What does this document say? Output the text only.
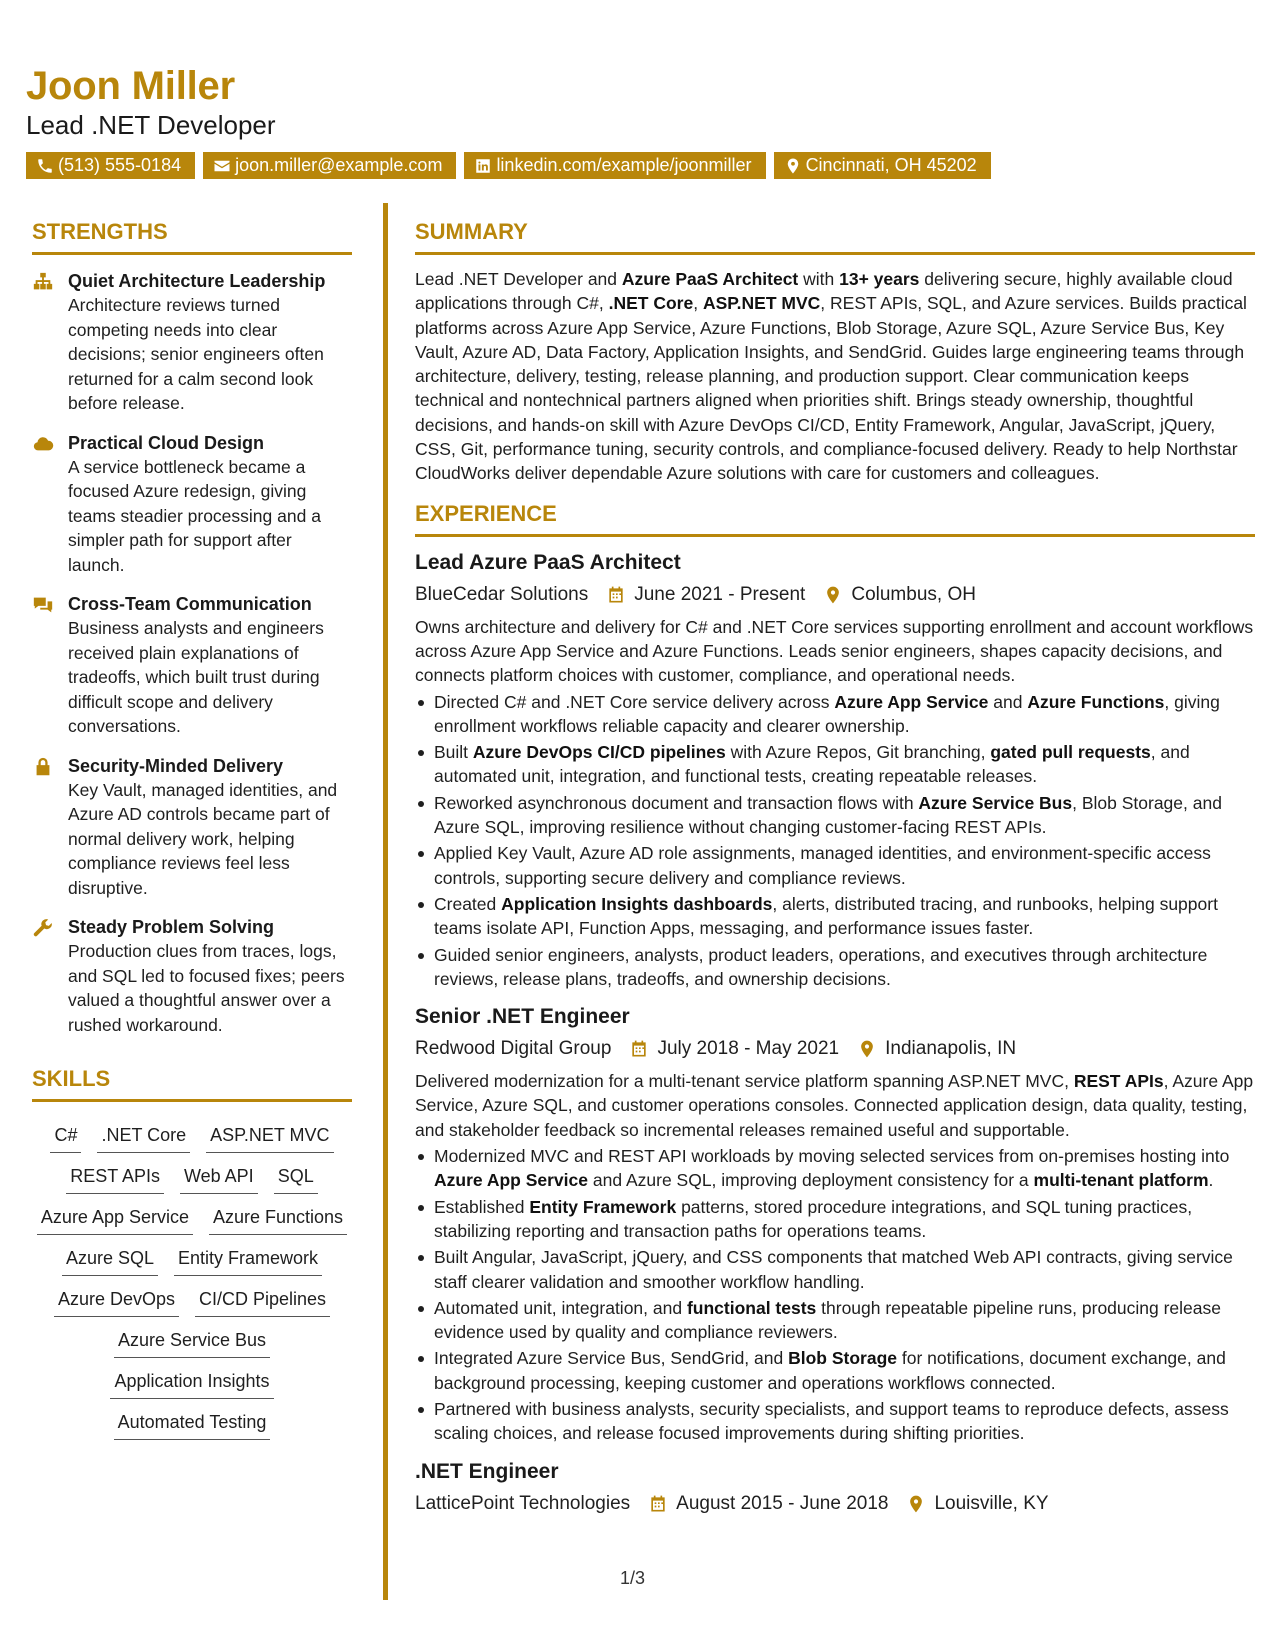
Joon Miller
Lead .NET Developer
(513) 555-0184	joon.miller@example.com	linkedin.com/example/joonmiller	Cincinnati, OH 45202
STRENGTHS
Quiet Architecture Leadership
Architecture reviews turned competing needs into clear decisions; senior engineers often returned for a calm second look before release.
Practical Cloud Design
A service bottleneck became a focused Azure redesign, giving teams steadier processing and a simpler path for support after launch.
Cross-Team Communication
Business analysts and engineers received plain explanations of tradeoffs, which built trust during difficult scope and delivery conversations.
Security-Minded Delivery
Key Vault, managed identities, and Azure AD controls became part of normal delivery work, helping compliance reviews feel less disruptive.
Steady Problem Solving
Production clues from traces, logs, and SQL led to focused fixes; peers valued a thoughtful answer over a rushed workaround.
SKILLS
C# .NET Core ASP.NET MVC
REST APIs Web API SQL
Azure App Service Azure Functions
Azure SQL Entity Framework
Azure DevOps CI/CD Pipelines
Azure Service Bus
Application Insights
Automated Testing
SUMMARY
Lead .NET Developer and Azure PaaS Architect with 13+ years delivering secure, highly available cloud applications through C#, .NET Core, ASP.NET MVC, REST APIs, SQL, and Azure services. Builds practical platforms across Azure App Service, Azure Functions, Blob Storage, Azure SQL, Azure Service Bus, Key Vault, Azure AD, Data Factory, Application Insights, and SendGrid. Guides large engineering teams through architecture, delivery, testing, release planning, and production support. Clear communication keeps technical and nontechnical partners aligned when priorities shift. Brings steady ownership, thoughtful decisions, and hands-on skill with Azure DevOps CI/CD, Entity Framework, Angular, JavaScript, jQuery, CSS, Git, performance tuning, security controls, and compliance-focused delivery. Ready to help Northstar CloudWorks deliver dependable Azure solutions with care for customers and colleagues.
EXPERIENCE
Lead Azure PaaS Architect
BlueCedar Solutions June 2021 - Present Columbus, OH
Owns architecture and delivery for C# and .NET Core services supporting enrollment and account workflows across Azure App Service and Azure Functions. Leads senior engineers, shapes capacity decisions, and connects platform choices with customer, compliance, and operational needs.
Directed C# and .NET Core service delivery across Azure App Service and Azure Functions, giving enrollment workflows reliable capacity and clearer ownership.
Built Azure DevOps CI/CD pipelines with Azure Repos, Git branching, gated pull requests, and automated unit, integration, and functional tests, creating repeatable releases.
Reworked asynchronous document and transaction flows with Azure Service Bus, Blob Storage, and Azure SQL, improving resilience without changing customer-facing REST APIs.
Applied Key Vault, Azure AD role assignments, managed identities, and environment-specific access controls, supporting secure delivery and compliance reviews.
Created Application Insights dashboards, alerts, distributed tracing, and runbooks, helping support teams isolate API, Function Apps, messaging, and performance issues faster.
Guided senior engineers, analysts, product leaders, operations, and executives through architecture reviews, release plans, tradeoffs, and ownership decisions.
Senior .NET Engineer
Redwood Digital Group July 2018 - May 2021 Indianapolis, IN
Delivered modernization for a multi-tenant service platform spanning ASP.NET MVC, REST APIs, Azure App Service, Azure SQL, and customer operations consoles. Connected application design, data quality, testing, and stakeholder feedback so incremental releases remained useful and supportable.
Modernized MVC and REST API workloads by moving selected services from on-premises hosting into Azure App Service and Azure SQL, improving deployment consistency for a multi-tenant platform.
Established Entity Framework patterns, stored procedure integrations, and SQL tuning practices, stabilizing reporting and transaction paths for operations teams.
Built Angular, JavaScript, jQuery, and CSS components that matched Web API contracts, giving service staff clearer validation and smoother workflow handling.
Automated unit, integration, and functional tests through repeatable pipeline runs, producing release evidence used by quality and compliance reviewers.
Integrated Azure Service Bus, SendGrid, and Blob Storage for notifications, document exchange, and background processing, keeping customer and operations workflows connected.
Partnered with business analysts, security specialists, and support teams to reproduce defects, assess scaling choices, and release focused improvements during shifting priorities.
.NET Engineer
LatticePoint Technologies August 2015 - June 2018 Louisville, KY
1/3
